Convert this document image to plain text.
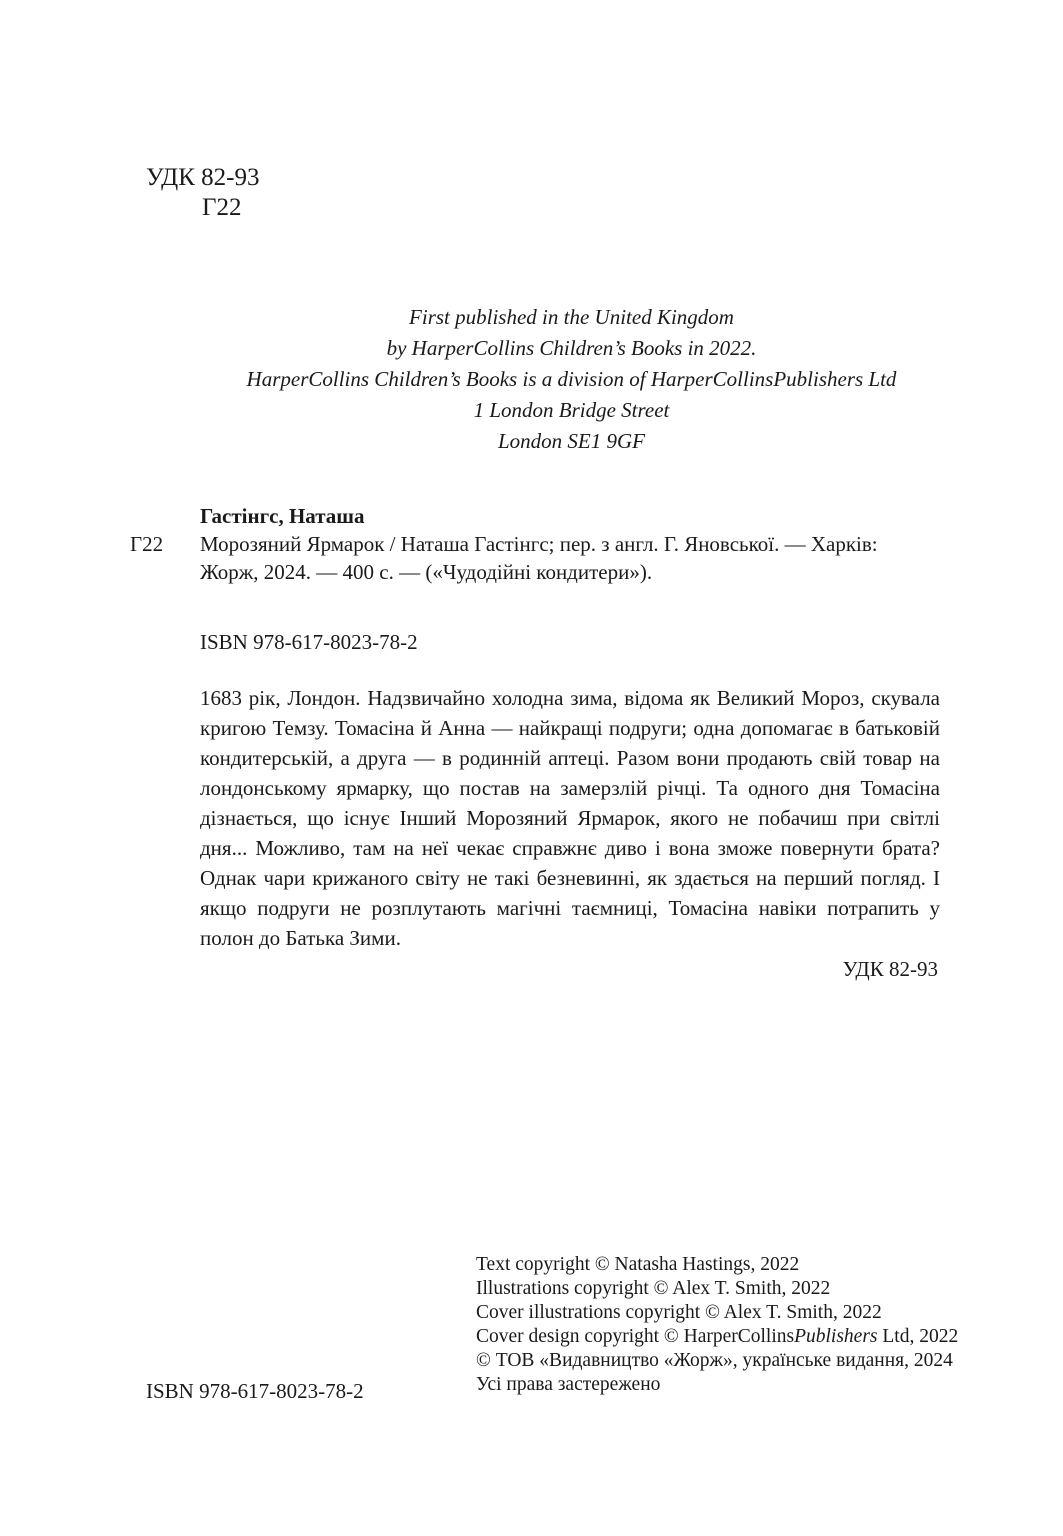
УДК 82-93
Г22
First published in the United Kingdom
by HarperCollins Children’s Books in 2022.
HarperCollins Children’s Books is a division of HarperCollinsPublishers Ltd
1 London Bridge Street
London SE1 9GF
Гастінгс, Наташа
Г22 Морозяний Ярмарок / Наташа Гастінгс; пер. з англ. Г. Яновської. — Харків: Жорж, 2024. — 400 с. — («Чудодійні кондитери»).
ISBN 978-617-8023-78-2
1683 рік, Лондон. Надзвичайно холодна зима, відома як Великий Мороз, скувала кригою Темзу. Томасіна й Анна — найкращі подруги; одна допомагає в батьковій кондитерській, а друга — в родинній аптеці. Разом вони продають свій товар на лондонському ярмарку, що постав на замерзлій річці. Та одного дня Томасіна дізнається, що існує Інший Морозяний Ярмарок, якого не побачиш при світлі дня... Можливо, там на неї чекає справжнє диво і вона зможе повернути брата? Однак чари крижаного світу не такі безневинні, як здається на перший погляд. І якщо подруги не розплутають магічні таємниці, Томасіна навіки потрапить у полон до Батька Зими.
УДК 82-93
Text copyright © Natasha Hastings, 2022
Illustrations copyright © Alex T. Smith, 2022
Cover illustrations copyright © Alex T. Smith, 2022
Cover design copyright © HarperCollinsPublishers Ltd, 2022
© ТОВ «Видавництво «Жорж», українське видання, 2024
Усі права застережено
ISBN 978-617-8023-78-2
